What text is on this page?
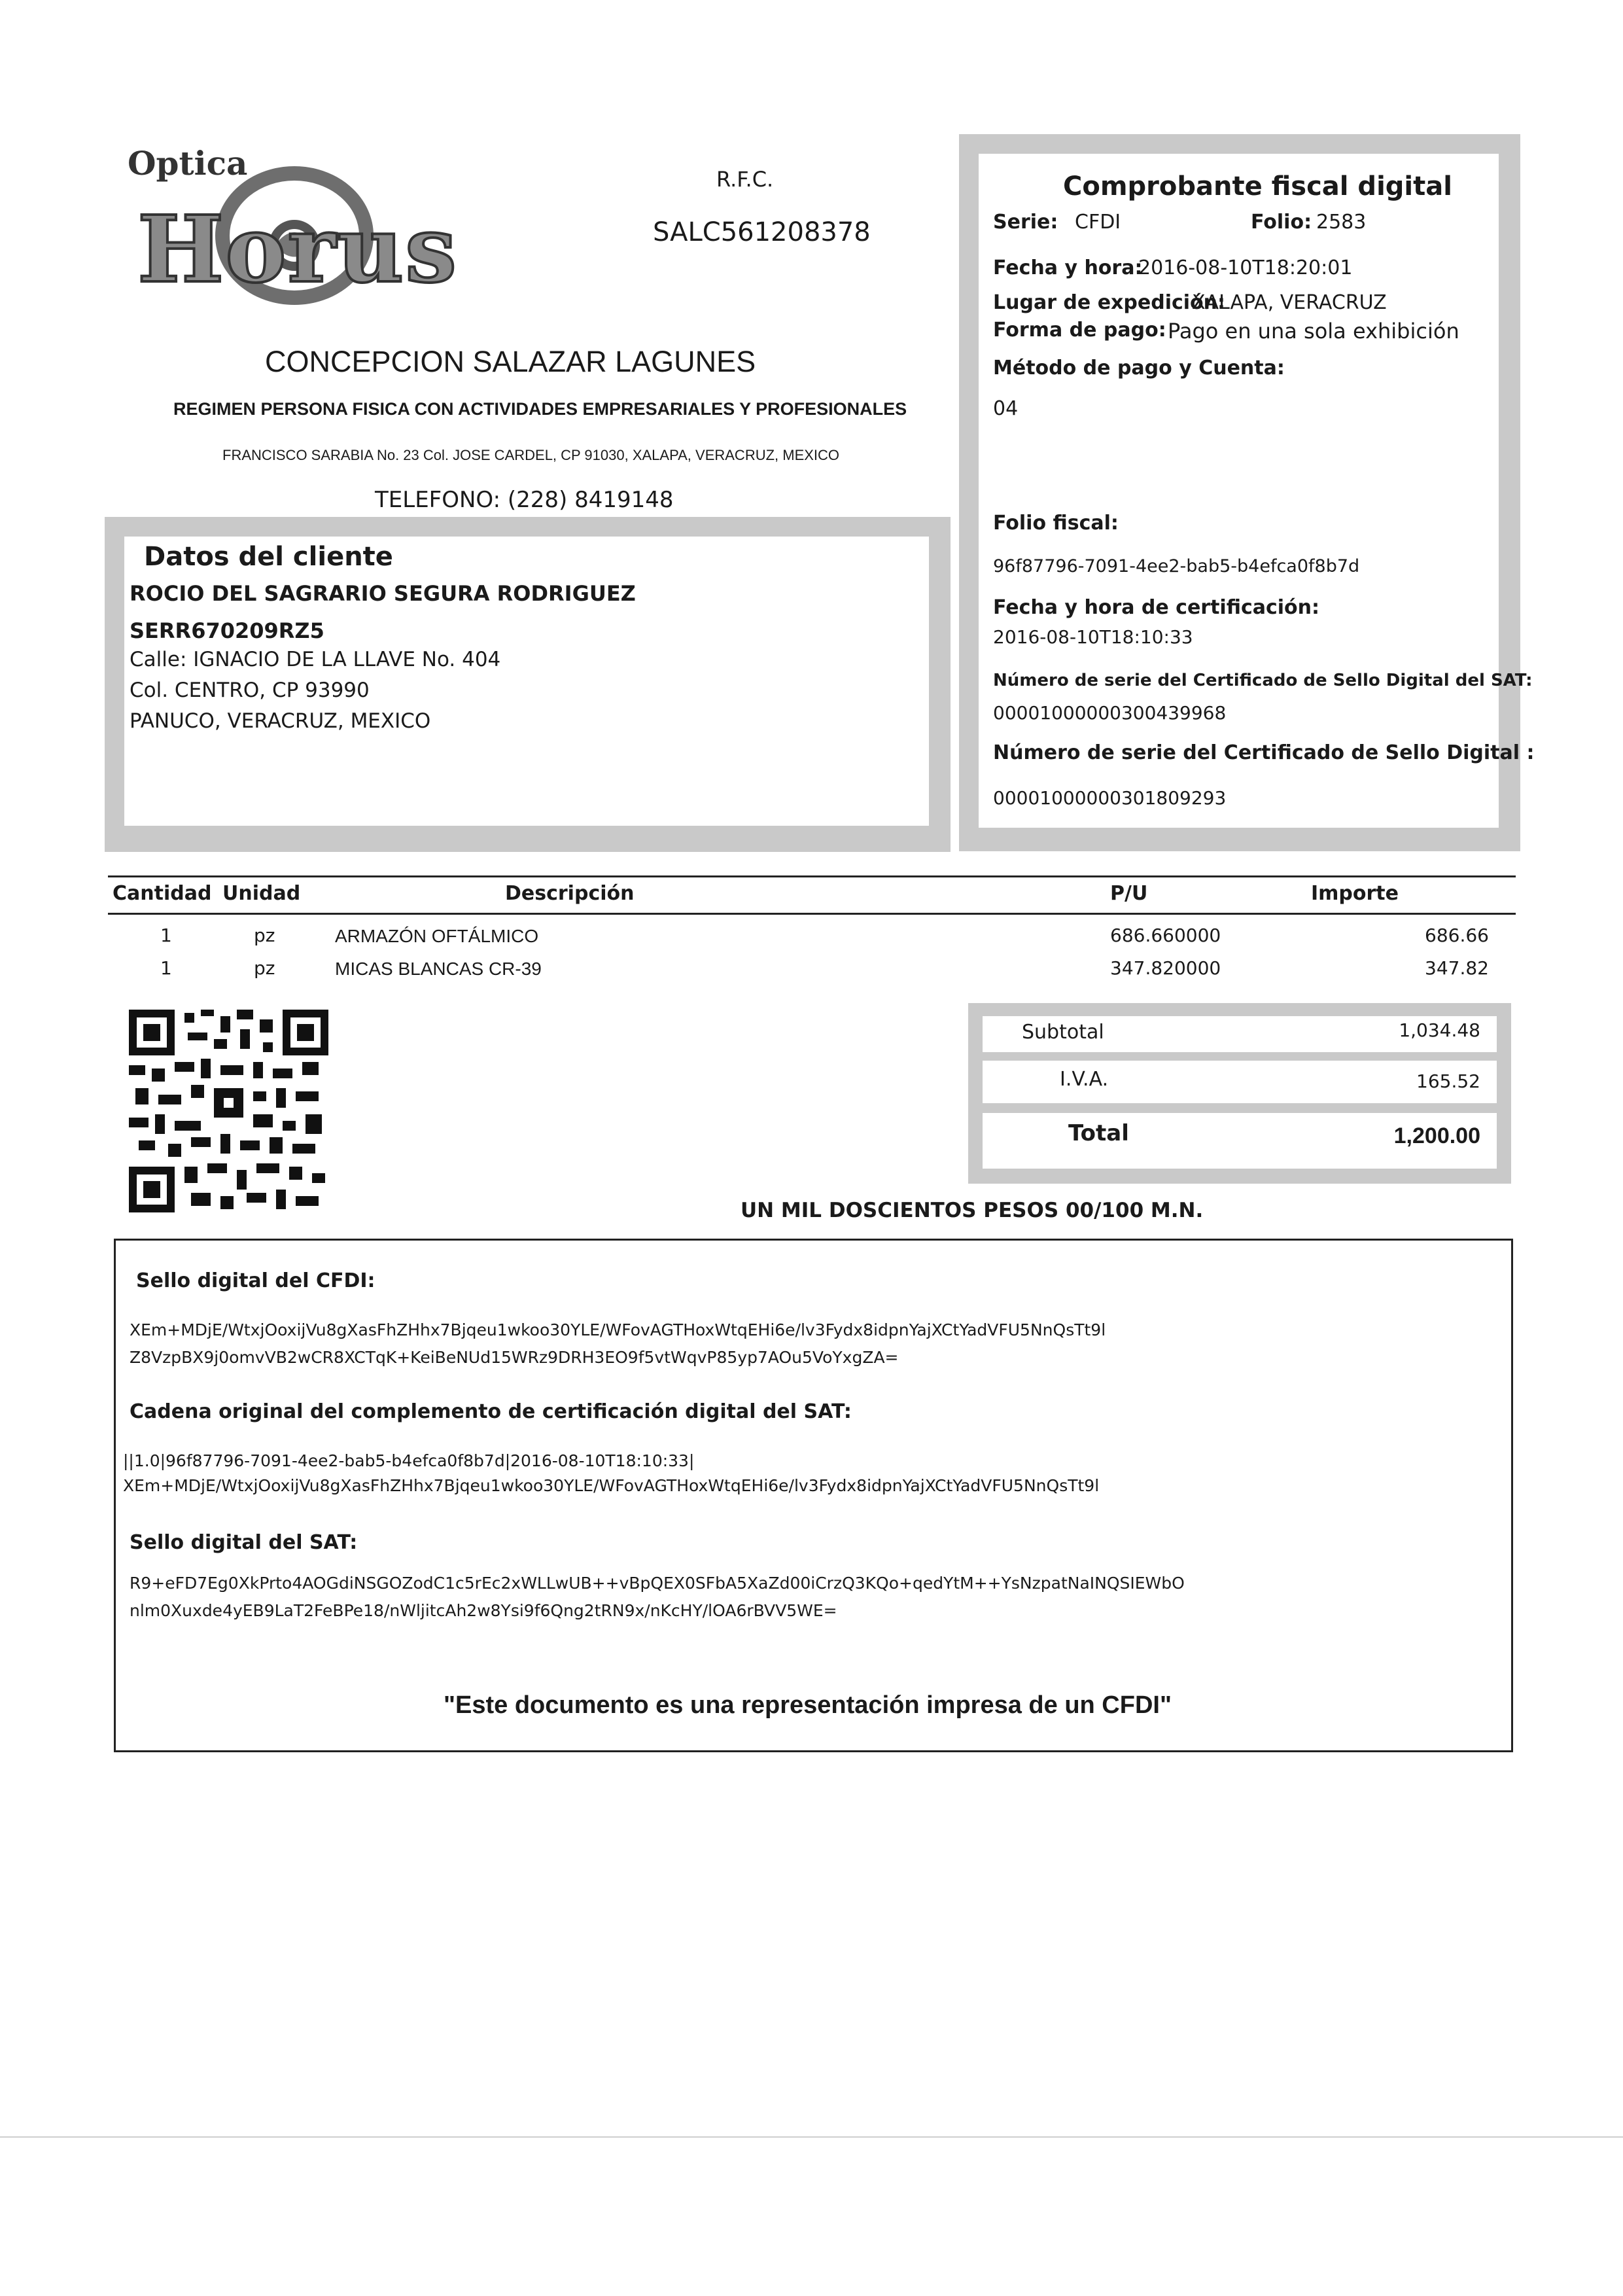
Optica
Horus
R.F.C.
SALC561208378
CONCEPCION SALAZAR LAGUNES
REGIMEN PERSONA FISICA CON ACTIVIDADES EMPRESARIALES Y PROFESIONALES
FRANCISCO SARABIA No. 23 Col. JOSE CARDEL, CP 91030, XALAPA, VERACRUZ, MEXICO
TELEFONO: (228) 8419148
Comprobante fiscal digital
Serie: CFDI	Folio: 2583
Fecha y hora:
2016-08-10T18:20:01
Lugar de expedición:
XALAPA, VERACRUZ
Forma de pago: Pago en una sola exhibición
Método de pago y Cuenta:
04
Folio fiscal:
96f87796-7091-4ee2-bab5-b4efca0f8b7d
Fecha y hora de certificación:
2016-08-10T18:10:33
Número de serie del Certificado de Sello Digital del SAT:
00001000000300439968
Número de serie del Certificado de Sello Digital :
00001000000301809293
Datos del cliente
ROCIO DEL SAGRARIO SEGURA RODRIGUEZ
SERR670209RZ5
Calle: IGNACIO DE LA LLAVE No. 404
Col. CENTRO, CP 93990
PANUCO, VERACRUZ, MEXICO
Cantidad Unidad	Descripción	P/U	Importe
1	pz	ARMAZÓN OFTÁLMICO	686.660000	686.66
1	pz	MICAS BLANCAS CR-39	347.820000	347.82
Subtotal	1,034.48
I.V.A.	165.52
Total	1,200.00
UN MIL DOSCIENTOS PESOS 00/100 M.N.
Sello digital del CFDI:
XEm+MDjE/WtxjOoxijVu8gXasFhZHhx7Bjqeu1wkoo30YLE/WFovAGTHoxWtqEHi6e/lv3Fydx8idpnYajXCtYadVFU5NnQsTt9l
Z8VzpBX9j0omvVB2wCR8XCTqK+KeiBeNUd15WRz9DRH3EO9f5vtWqvP85yp7AOu5VoYxgZA=
Cadena original del complemento de certificación digital del SAT:
||1.0|96f87796-7091-4ee2-bab5-b4efca0f8b7d|2016-08-10T18:10:33|
XEm+MDjE/WtxjOoxijVu8gXasFhZHhx7Bjqeu1wkoo30YLE/WFovAGTHoxWtqEHi6e/lv3Fydx8idpnYajXCtYadVFU5NnQsTt9l
Sello digital del SAT:
R9+eFD7Eg0XkPrto4AOGdiNSGOZodC1c5rEc2xWLLwUB++vBpQEX0SFbA5XaZd00iCrzQ3KQo+qedYtM++YsNzpatNaINQSIEWbO
nlm0Xuxde4yEB9LaT2FeBPe18/nWljitcAh2w8Ysi9f6Qng2tRN9x/nKcHY/lOA6rBVV5WE=
"Este documento es una representación impresa de un CFDI"
